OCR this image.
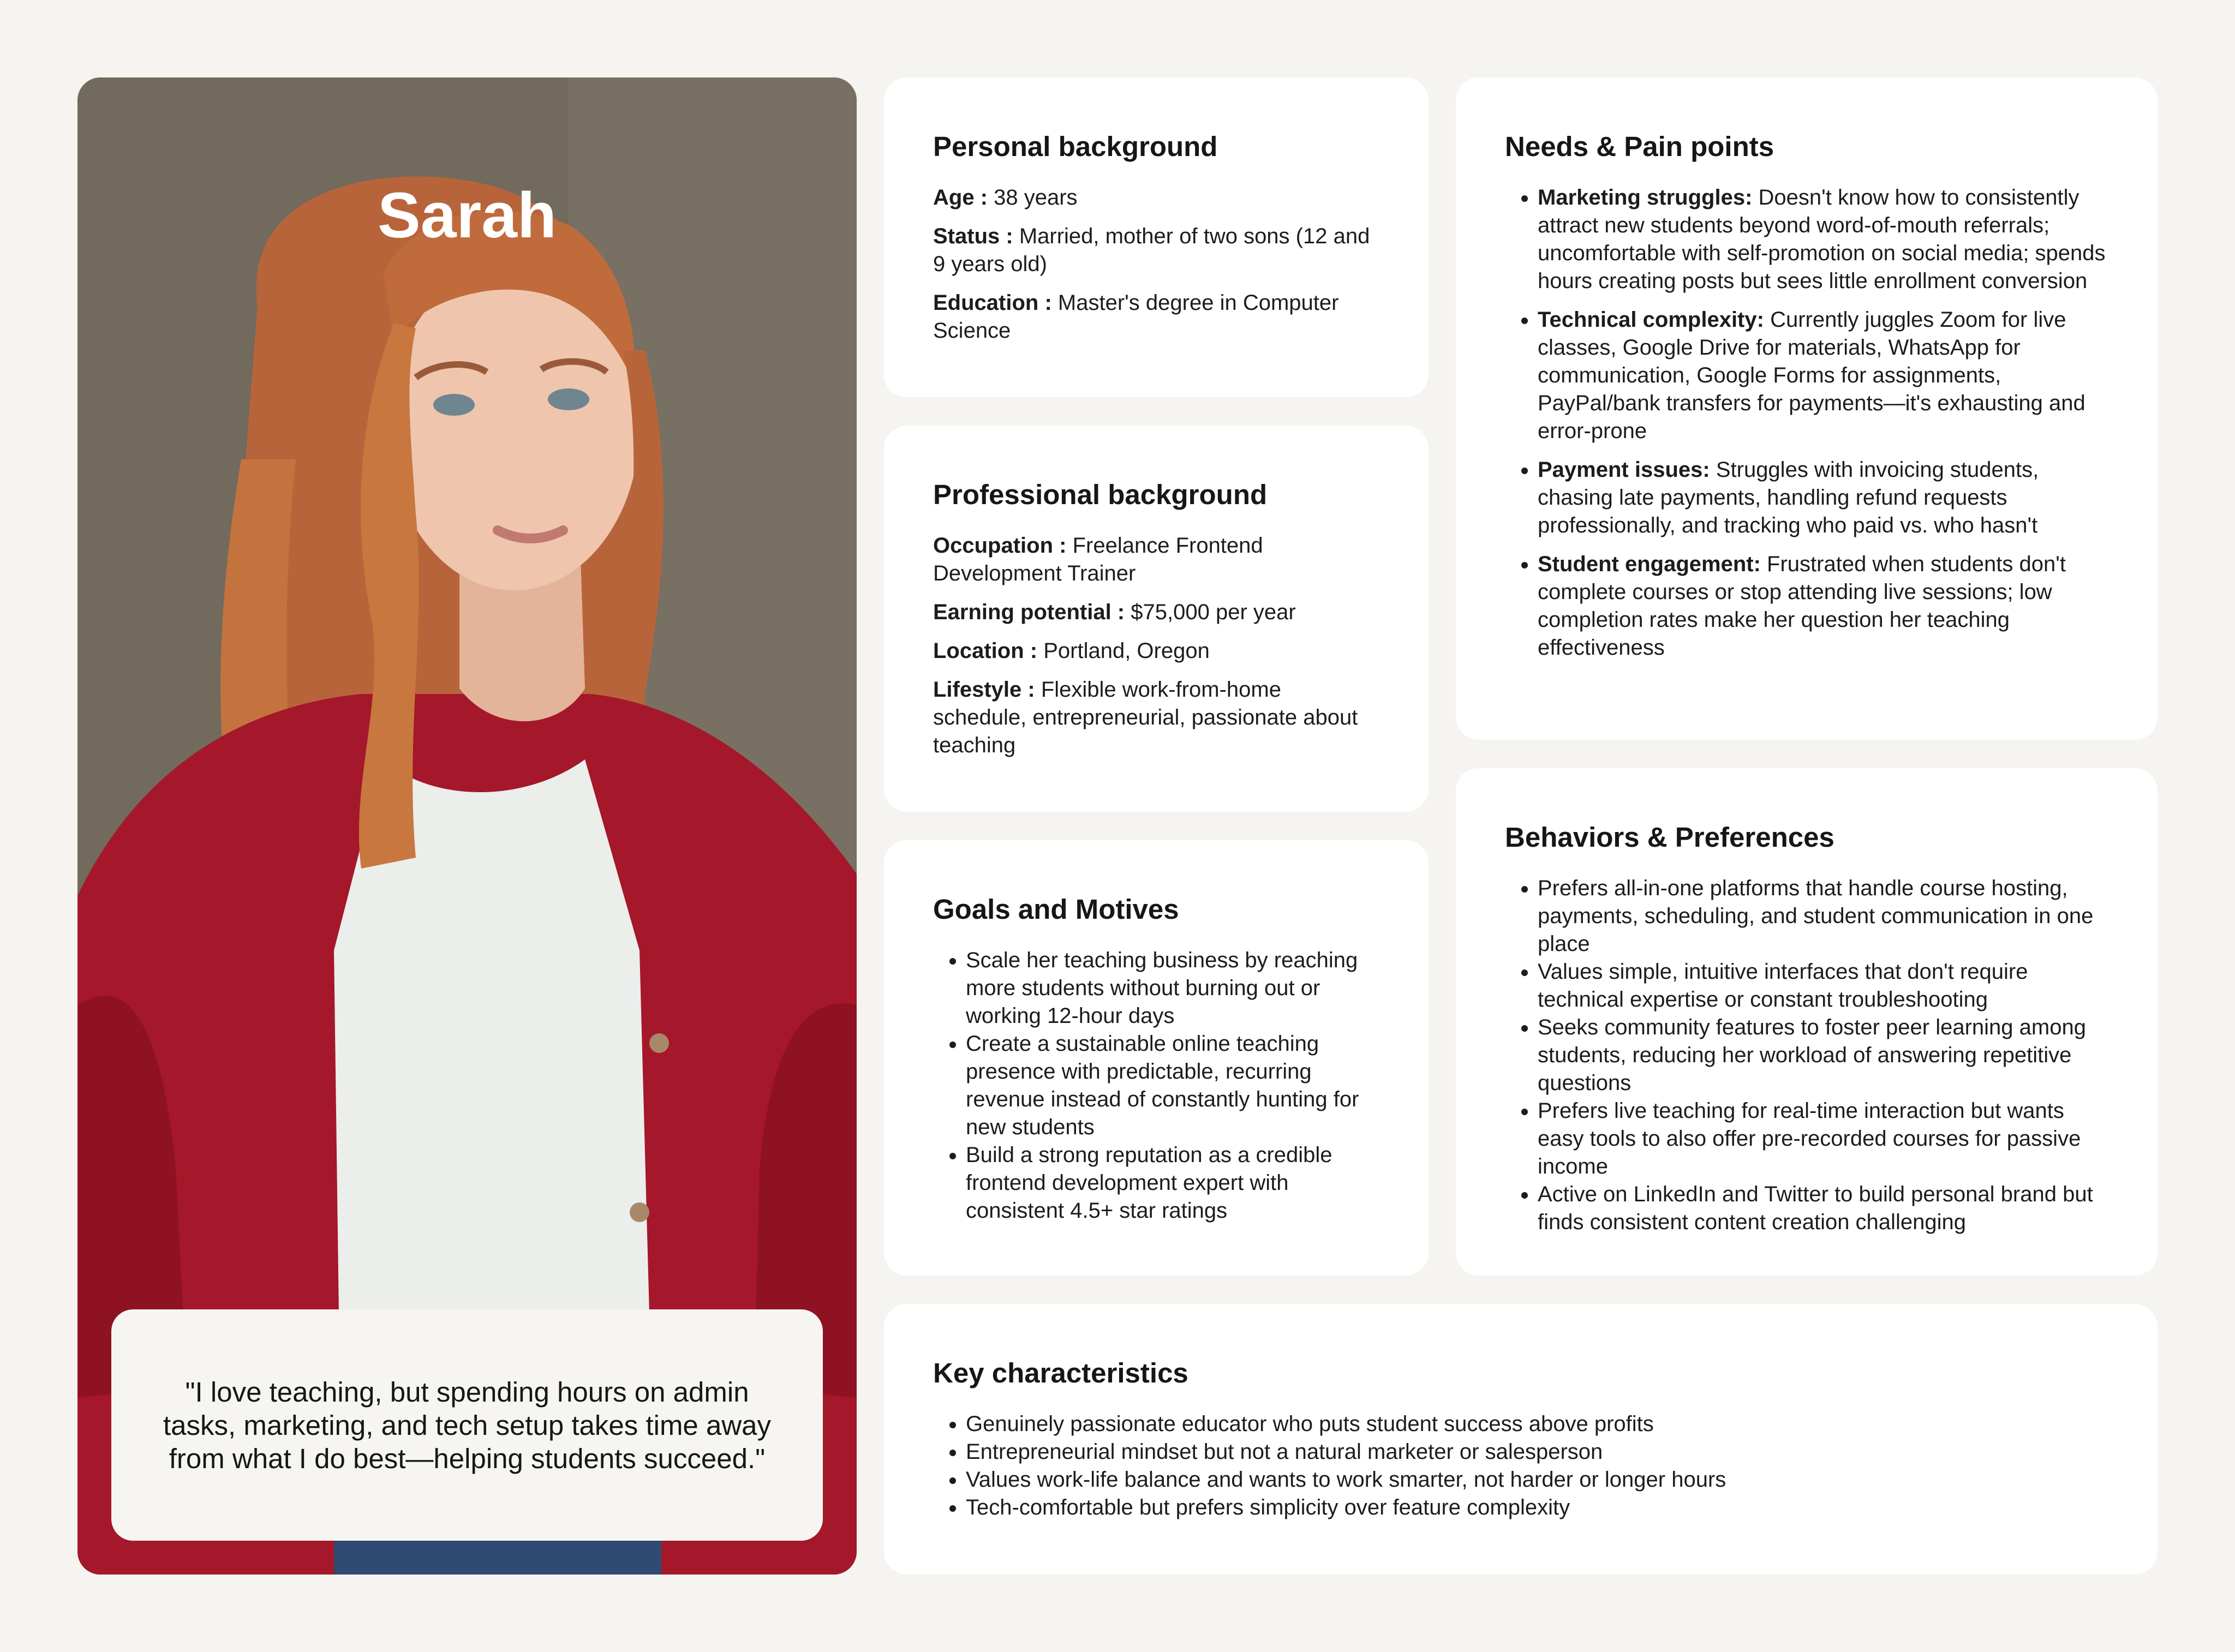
Sarah
"I love teaching, but spending hours on admin tasks, marketing, and tech setup takes time away from what I do best—helping students succeed."
Personal background

Age : 38 years

Status : Married, mother of two sons (12 and 9 years old)

Education : Master's degree in Computer Science

Professional background

Occupation : Freelance Frontend Development Trainer

Earning potential : $75,000 per year

Location : Portland, Oregon

Lifestyle : Flexible work-from-home schedule, entrepreneurial, passionate about teaching

Goals and Motives
• Scale her teaching business by reaching more students without burning out or working 12-hour days
• Create a sustainable online teaching presence with predictable, recurring revenue instead of constantly hunting for new students
• Build a strong reputation as a credible frontend development expert with consistent 4.5+ star ratings
Needs & Pain points
• Marketing struggles: Doesn't know how to consistently attract new students beyond word-of-mouth referrals; uncomfortable with self-promotion on social media; spends hours creating posts but sees little enrollment conversion
• Technical complexity: Currently juggles Zoom for live classes, Google Drive for materials, WhatsApp for communication, Google Forms for assignments, PayPal/bank transfers for payments—it's exhausting and error-prone
• Payment issues: Struggles with invoicing students, chasing late payments, handling refund requests professionally, and tracking who paid vs. who hasn't
• Student engagement: Frustrated when students don't complete courses or stop attending live sessions; low completion rates make her question her teaching effectiveness
Behaviors & Preferences
• Prefers all-in-one platforms that handle course hosting, payments, scheduling, and student communication in one place
• Values simple, intuitive interfaces that don't require technical expertise or constant troubleshooting
• Seeks community features to foster peer learning among students, reducing her workload of answering repetitive questions
• Prefers live teaching for real-time interaction but wants easy tools to also offer pre-recorded courses for passive income
• Active on LinkedIn and Twitter to build personal brand but finds consistent content creation challenging
Key characteristics
• Genuinely passionate educator who puts student success above profits
• Entrepreneurial mindset but not a natural marketer or salesperson
• Values work-life balance and wants to work smarter, not harder or longer hours
• Tech-comfortable but prefers simplicity over feature complexity
